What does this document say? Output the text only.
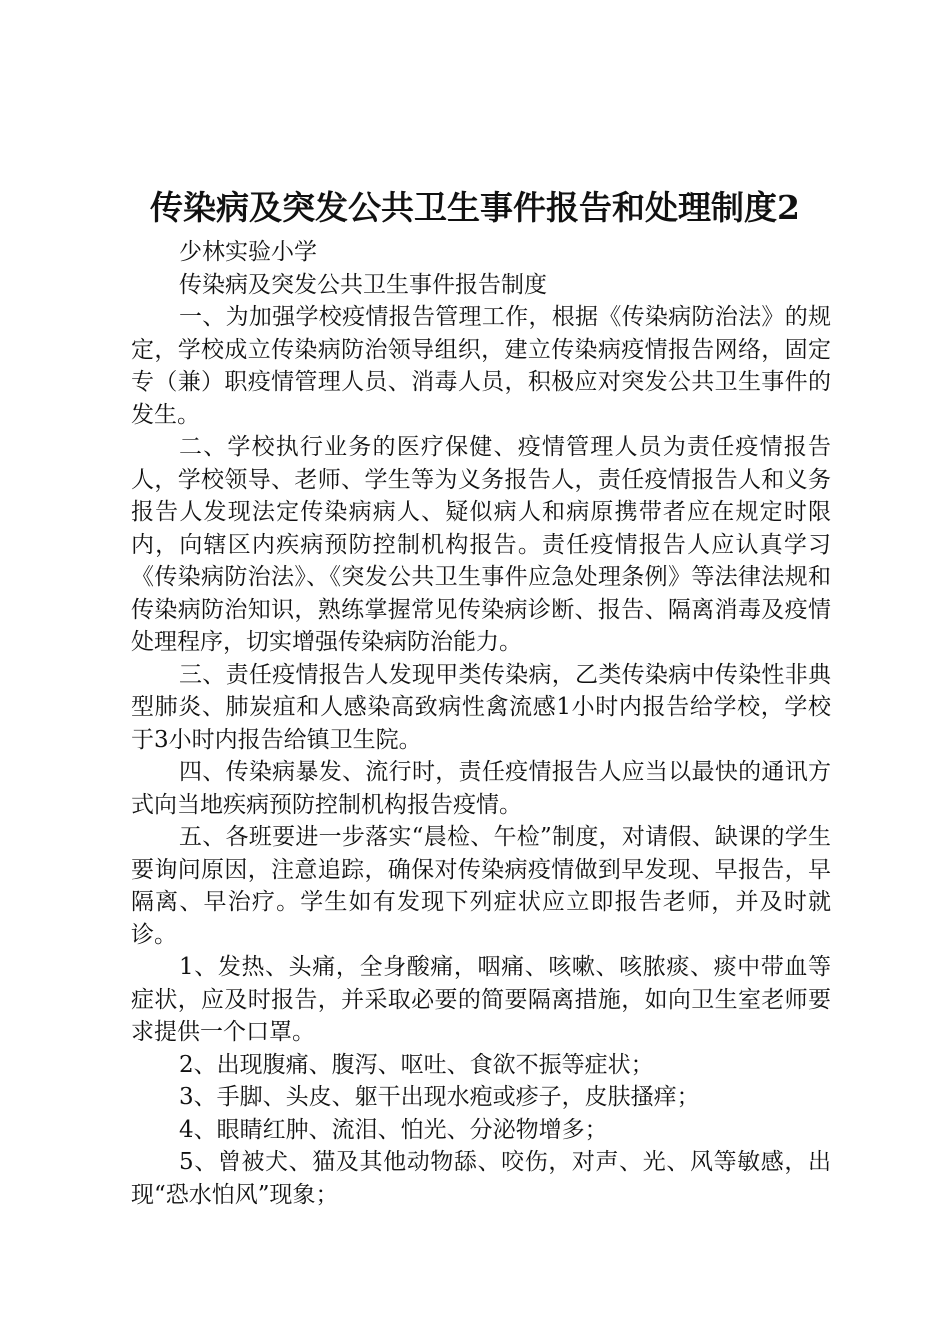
传染病及突发公共卫生事件报告和处理制度2

少林实验小学

传染病及突发公共卫生事件报告制度

一、为加强学校疫情报告管理工作，根据《传染病防治法》的规定，学校成立传染病防治领导组织，建立传染病疫情报告网络，固定专（兼）职疫情管理人员、消毒人员，积极应对突发公共卫生事件的发生。

二、学校执行业务的医疗保健、疫情管理人员为责任疫情报告人，学校领导、老师、学生等为义务报告人，责任疫情报告人和义务报告人发现法定传染病病人、疑似病人和病原携带者应在规定时限内，向辖区内疾病预防控制机构报告。责任疫情报告人应认真学习《传染病防治法》、《突发公共卫生事件应急处理条例》等法律法规和传染病防治知识，熟练掌握常见传染病诊断、报告、隔离消毒及疫情处理程序，切实增强传染病防治能力。

三、责任疫情报告人发现甲类传染病，乙类传染病中传染性非典型肺炎、肺炭疽和人感染高致病性禽流感1小时内报告给学校，学校于3小时内报告给镇卫生院。

四、传染病暴发、流行时，责任疫情报告人应当以最快的通讯方式向当地疾病预防控制机构报告疫情。

五、各班要进一步落实“晨检、午检”制度，对请假、缺课的学生要询问原因，注意追踪，确保对传染病疫情做到早发现、早报告，早隔离、早治疗。学生如有发现下列症状应立即报告老师，并及时就诊。

1、发热、头痛，全身酸痛，咽痛、咳嗽、咳脓痰、痰中带血等症状，应及时报告，并采取必要的简要隔离措施，如向卫生室老师要求提供一个口罩。

2、出现腹痛、腹泻、呕吐、食欲不振等症状；

3、手脚、头皮、躯干出现水疱或疹子，皮肤搔痒；

4、眼睛红肿、流泪、怕光、分泌物增多；

5、曾被犬、猫及其他动物舔、咬伤，对声、光、风等敏感，出现“恐水怕风”现象；
